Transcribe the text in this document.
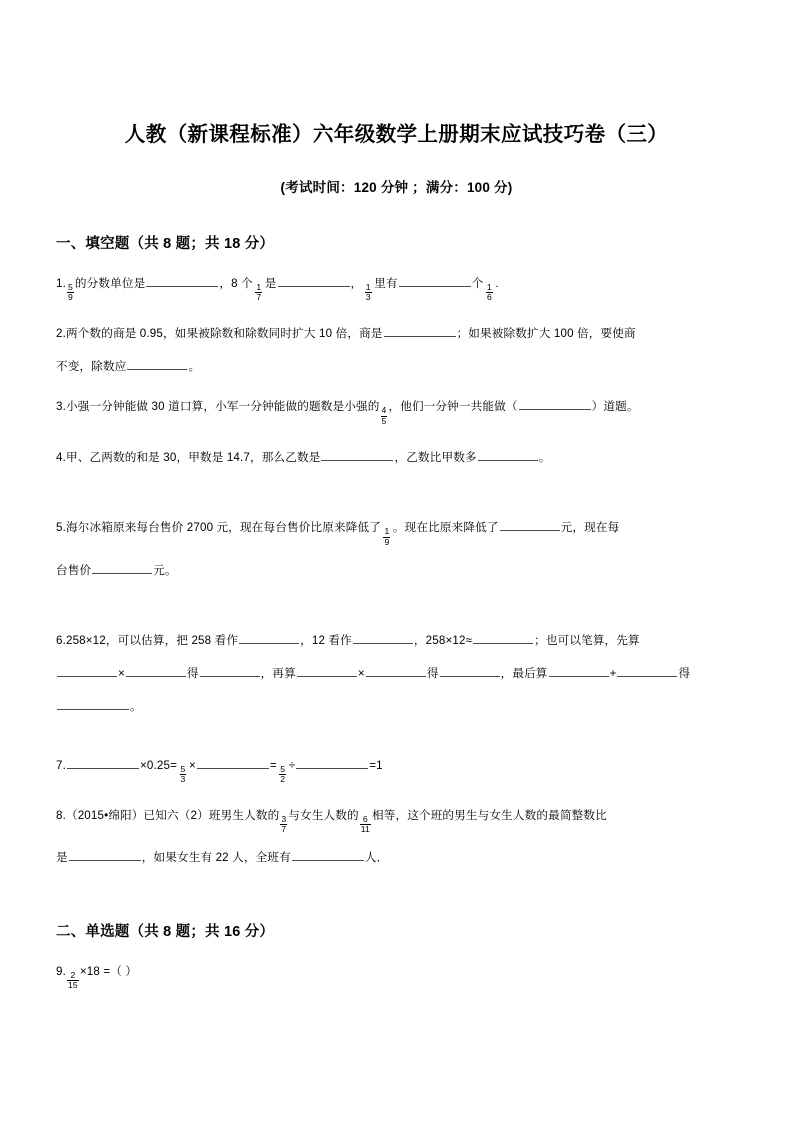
人教（新课程标准）六年级数学上册期末应试技巧卷（三）

(考试时间：120 分钟 ；满分：100 分)

一、填空题（共 8 题；共 18 分）

1. $\frac{5}{9}$ 的分数单位是	，8 个 $\frac{1}{7}$ 是	， $\frac{1}{3}$ 里有	个 $\frac{1}{6}$ .

2.两个数的商是 0.95，如果被除数和除数同时扩大 10 倍，商是	；如果被除数扩大 100 倍，要使商

不变，除数应	。

3.小强一分钟能做 30 道口算，小军一分钟能做的题数是小强的 $\frac{4}{5}$ ，他们一分钟一共能做（	）道题。

4.甲、乙两数的和是 30，甲数是 14.7，那么乙数是	，乙数比甲数多	。

5.海尔冰箱原来每台售价 2700 元，现在每台售价比原来降低了 $\frac{1}{9}$ 。现在比原来降低了	元，现在每

台售价	元。

6.258×12，可以估算，把 258 看作	，12 看作	，258×12≈	；也可以笔算，先算

×	得	，再算	×	得	，最后算	+	得

。

7.	$\times 0.25= \frac{5}{3}$ ×	= $\frac{5}{2}$ ÷	=1

8.（2015•绵阳）已知六（2）班男生人数的 $\frac{3}{7}$ 与女生人数的 $\frac{6}{11}$ 相等，这个班的男生与女生人数的最简整数比

是	，如果女生有 22 人，全班有	人．

二、单选题（共 8 题；共 16 分）

9. $\frac{2}{15} \times 18$ =（ ）
